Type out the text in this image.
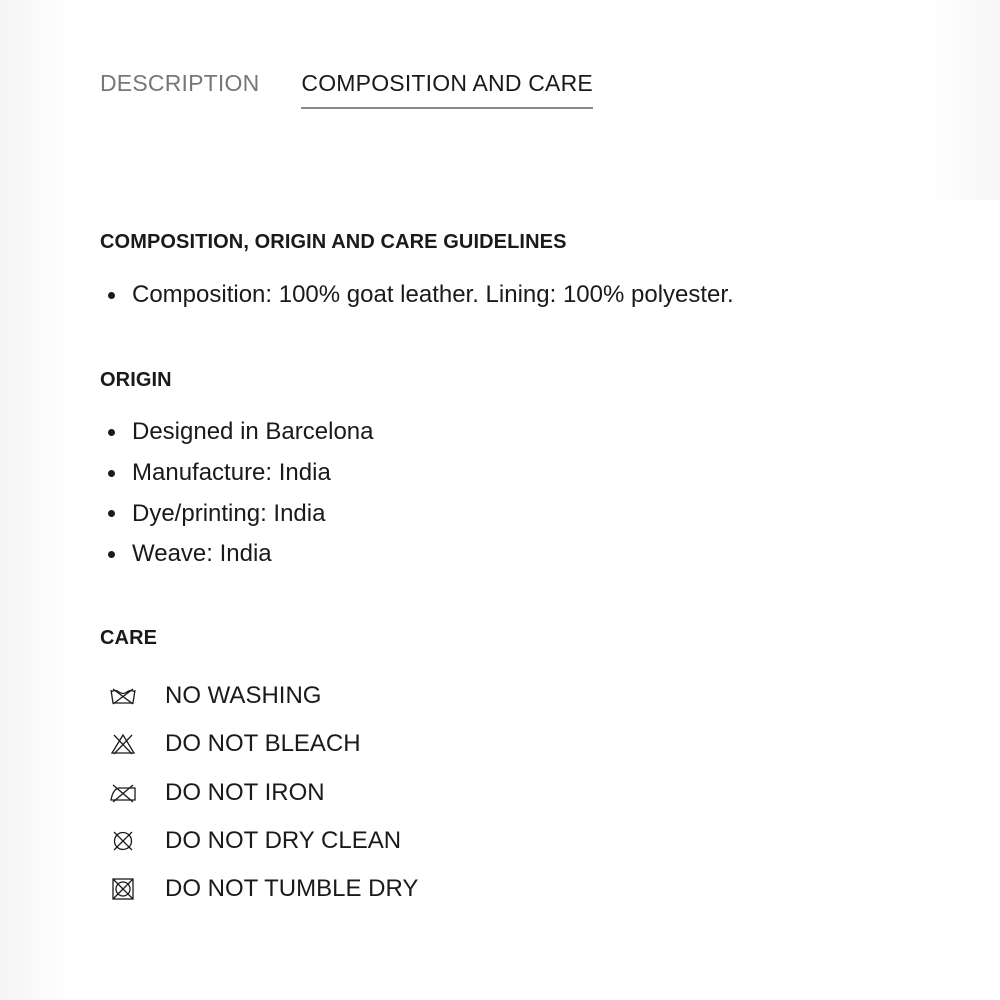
DESCRIPTION COMPOSITION AND CARE
COMPOSITION, ORIGIN AND CARE GUIDELINES
Composition: 100% goat leather. Lining: 100% polyester.
ORIGIN
Designed in Barcelona
Manufacture: India
Dye/printing: India
Weave: India
CARE
NO WASHING
DO NOT BLEACH
DO NOT IRON
DO NOT DRY CLEAN
DO NOT TUMBLE DRY
